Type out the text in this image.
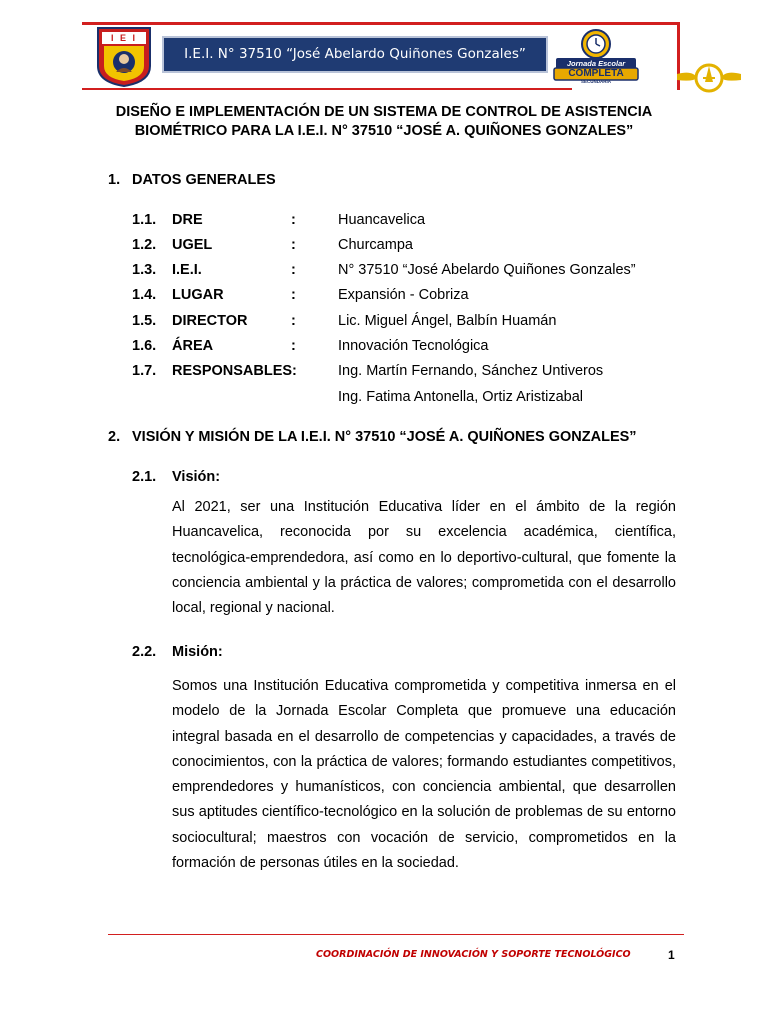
I E I
I.E.I. N° 37510 “José Abelardo Quiñones Gonzales”
Jornada Escolar
COMPLETA
SECUNDARIA
DISEÑO E IMPLEMENTACIÓN DE UN SISTEMA DE CONTROL DE ASISTENCIA BIOMÉTRICO PARA LA I.E.I. N° 37510 “JOSÉ A. QUIÑONES GONZALES”
1. DATOS GENERALES
1.1. DRE	:	Huancavelica
1.2. UGEL	:	Churcampa
1.3. I.E.I.	:	N° 37510 “José Abelardo Quiñones Gonzales”
1.4. LUGAR	:	Expansión - Cobriza
1.5. DIRECTOR	:	Lic. Miguel Ángel, Balbín Huamán
1.6. ÁREA	:	Innovación Tecnológica
1.7. RESPONSABLES:	Ing. Martín Fernando, Sánchez Untiveros
Ing. Fatima Antonella, Ortiz Aristizabal
2. VISIÓN Y MISIÓN DE LA I.E.I. N° 37510 “JOSÉ A. QUIÑONES GONZALES”
2.1. Visión:
Al 2021, ser una Institución Educativa líder en el ámbito de la región Huancavelica, reconocida por su excelencia académica, científica, tecnológica-emprendedora, así como en lo deportivo-cultural, que fomente la conciencia ambiental y la práctica de valores; comprometida con el desarrollo local, regional y nacional.
2.2. Misión:
Somos una Institución Educativa comprometida y competitiva inmersa en el modelo de la Jornada Escolar Completa que promueve una educación integral basada en el desarrollo de competencias y capacidades, a través de conocimientos, con la práctica de valores; formando estudiantes competitivos, emprendedores y humanísticos, con conciencia ambiental, que desarrollen sus aptitudes científico-tecnológico en la solución de problemas de su entorno sociocultural; maestros con vocación de servicio, comprometidos en la formación de personas útiles en la sociedad.
COORDINACIÓN DE INNOVACIÓN Y SOPORTE TECNOLÓGICO	1
